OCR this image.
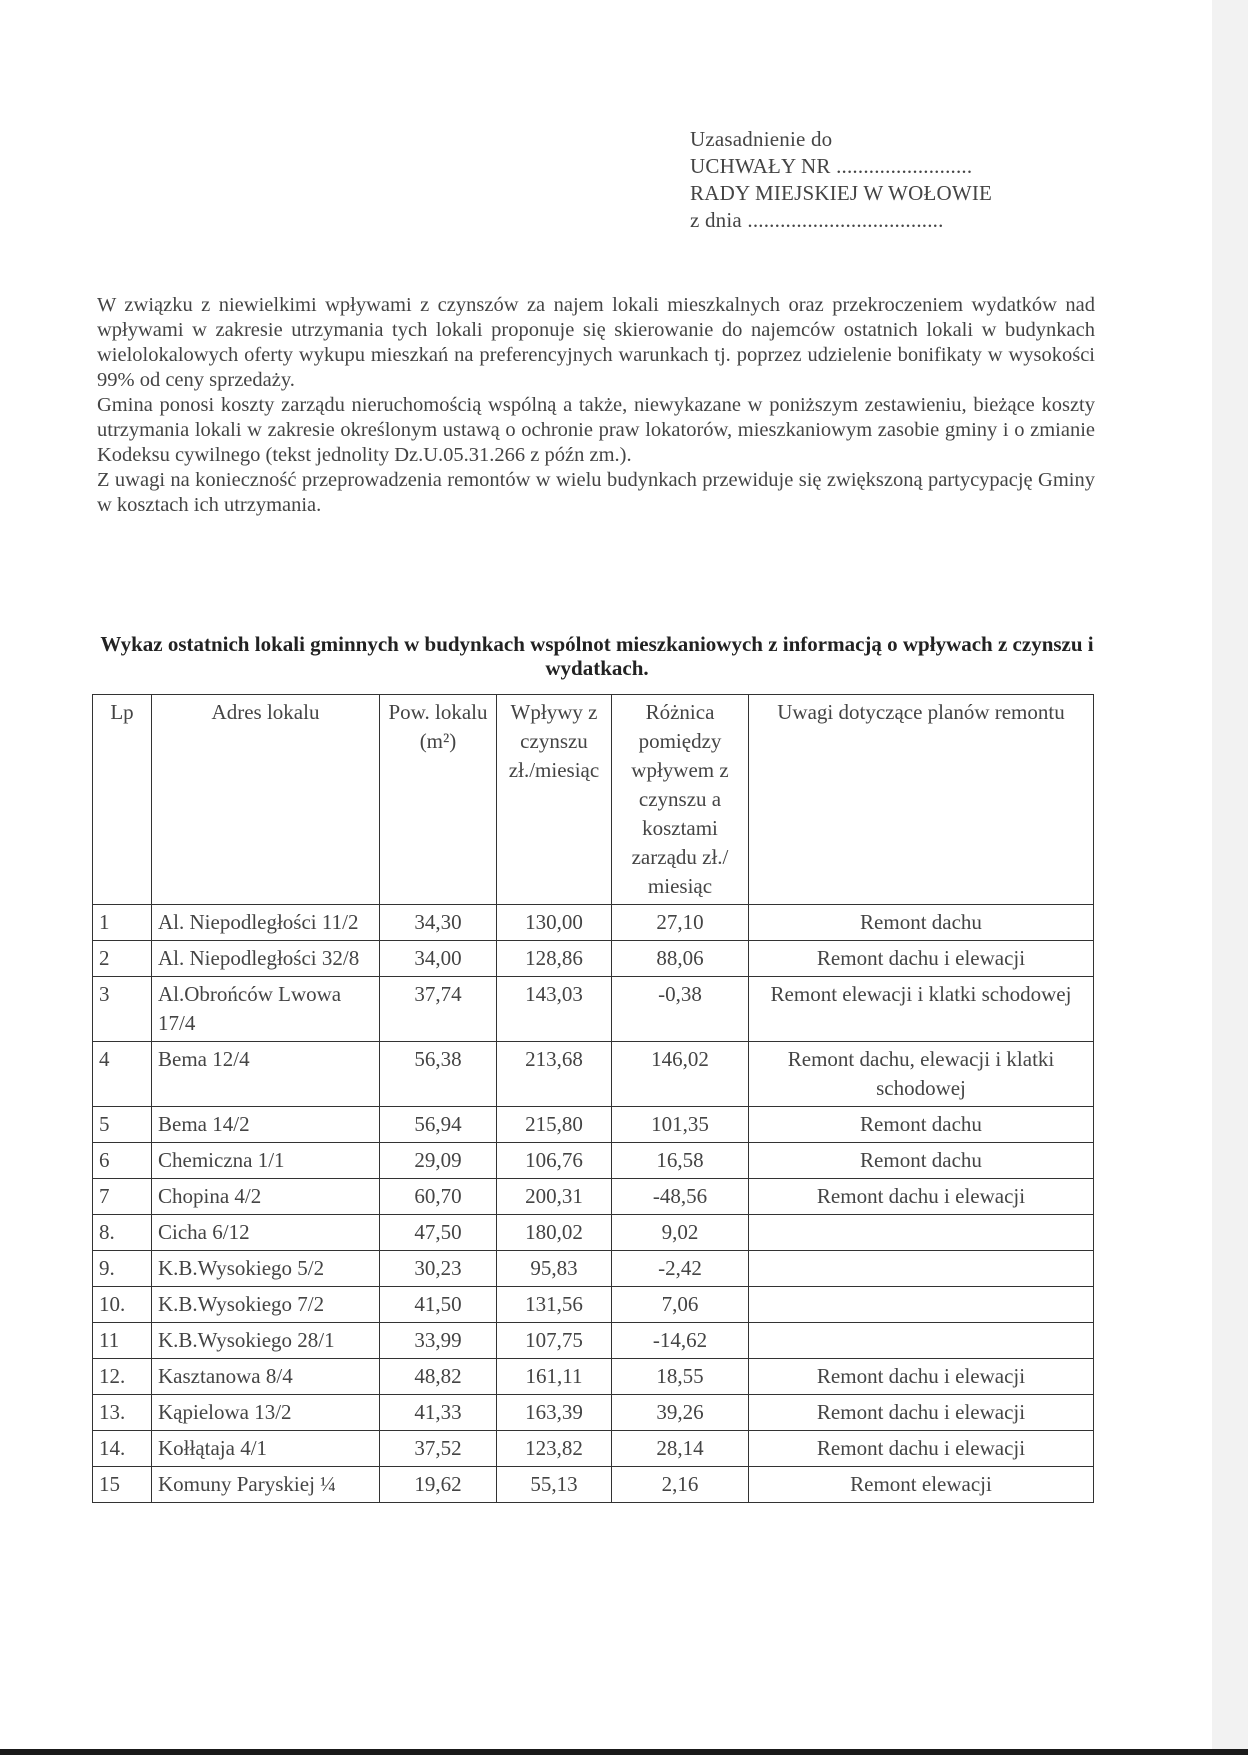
Uzasadnienie do
UCHWAŁY NR .........................
RADY MIEJSKIEJ W WOŁOWIE
z dnia ....................................

W związku z niewielkimi wpływami z czynszów za najem lokali mieszkalnych oraz przekroczeniem wydatków nad wpływami w zakresie utrzymania tych lokali proponuje się skierowanie do najemców ostatnich lokali w budynkach wielolokalowych oferty wykupu mieszkań na preferencyjnych warunkach tj. poprzez udzielenie bonifikaty w wysokości 99% od ceny sprzedaży.

Gmina ponosi koszty zarządu nieruchomością wspólną a także, niewykazane w poniższym zestawieniu, bieżące koszty utrzymania lokali w zakresie określonym ustawą o ochronie praw lokatorów, mieszkaniowym zasobie gminy i o zmianie Kodeksu cywilnego (tekst jednolity Dz.U.05.31.266 z późn zm.).

Z uwagi na konieczność przeprowadzenia remontów w wielu budynkach przewiduje się zwiększoną partycypację Gminy w kosztach ich utrzymania.

Wykaz ostatnich lokali gminnych w budynkach wspólnot mieszkaniowych z informacją o wpływach z czynszu i wydatkach.
Lp	Adres lokalu	Pow. lokalu (m²)	Wpływy z czynszu zł./miesiąc	Różnica pomiędzy wpływem z czynszu a kosztami zarządu zł./ miesiąc	Uwagi dotyczące planów remontu
1	Al. Niepodległości 11/2	34,30	130,00	27,10	Remont dachu
2	Al. Niepodległości 32/8	34,00	128,86	88,06	Remont dachu i elewacji
3	Al.Obrońców Lwowa 17/4	37,74	143,03	-0,38	Remont elewacji i klatki schodowej
4	Bema 12/4	56,38	213,68	146,02	Remont dachu, elewacji i klatki schodowej
5	Bema 14/2	56,94	215,80	101,35	Remont dachu
6	Chemiczna 1/1	29,09	106,76	16,58	Remont dachu
7	Chopina 4/2	60,70	200,31	-48,56	Remont dachu i elewacji
8.	Cicha 6/12	47,50	180,02	9,02	
9.	K.B.Wysokiego 5/2	30,23	95,83	-2,42	
10.	K.B.Wysokiego 7/2	41,50	131,56	7,06	
11	K.B.Wysokiego 28/1	33,99	107,75	-14,62	
12.	Kasztanowa 8/4	48,82	161,11	18,55	Remont dachu i elewacji
13.	Kąpielowa 13/2	41,33	163,39	39,26	Remont dachu i elewacji
14.	Kołłątaja 4/1	37,52	123,82	28,14	Remont dachu i elewacji
15	Komuny Paryskiej ¼	19,62	55,13	2,16	Remont elewacji
